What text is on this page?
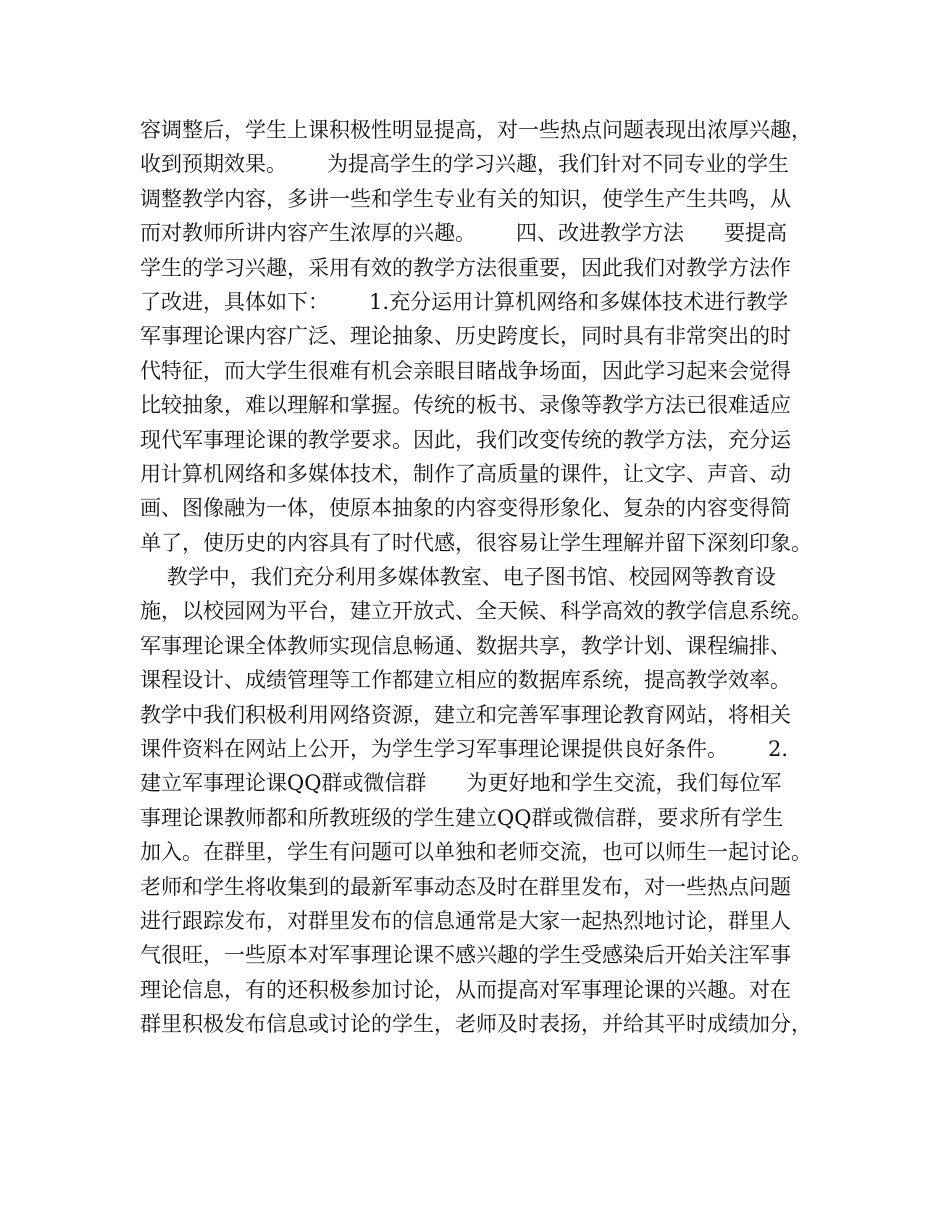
容调整后，学生上课积极性明显提高，对一些热点问题表现出浓厚兴趣，
收到预期效果。      为提高学生的学习兴趣，我们针对不同专业的学生
调整教学内容，多讲一些和学生专业有关的知识，使学生产生共鸣，从
而对教师所讲内容产生浓厚的兴趣。      四、改进教学方法      要提高
学生的学习兴趣，采用有效的教学方法很重要，因此我们对教学方法作
了改进，具体如下：      1.充分运用计算机网络和多媒体技术进行教学
军事理论课内容广泛、理论抽象、历史跨度长，同时具有非常突出的时
代特征，而大学生很难有机会亲眼目睹战争场面，因此学习起来会觉得
比较抽象，难以理解和掌握。传统的板书、录像等教学方法已很难适应
现代军事理论课的教学要求。因此，我们改变传统的教学方法，充分运
用计算机网络和多媒体技术，制作了高质量的课件，让文字、声音、动
画、图像融为一体，使原本抽象的内容变得形象化、复杂的内容变得简
单了，使历史的内容具有了时代感，很容易让学生理解并留下深刻印象。
教学中，我们充分利用多媒体教室、电子图书馆、校园网等教育设
施，以校园网为平台，建立开放式、全天候、科学高效的教学信息系统。
军事理论课全体教师实现信息畅通、数据共享，教学计划、课程编排、
课程设计、成绩管理等工作都建立相应的数据库系统，提高教学效率。
教学中我们积极利用网络资源，建立和完善军事理论教育网站，将相关
课件资料在网站上公开，为学生学习军事理论课提供良好条件。      2.
建立军事理论课QQ群或微信群      为更好地和学生交流，我们每位军
事理论课教师都和所教班级的学生建立QQ群或微信群，要求所有学生
加入。在群里，学生有问题可以单独和老师交流，也可以师生一起讨论。
老师和学生将收集到的最新军事动态及时在群里发布，对一些热点问题
进行跟踪发布，对群里发布的信息通常是大家一起热烈地讨论，群里人
气很旺，一些原本对军事理论课不感兴趣的学生受感染后开始关注军事
理论信息，有的还积极参加讨论，从而提高对军事理论课的兴趣。对在
群里积极发布信息或讨论的学生，老师及时表扬，并给其平时成绩加分，
